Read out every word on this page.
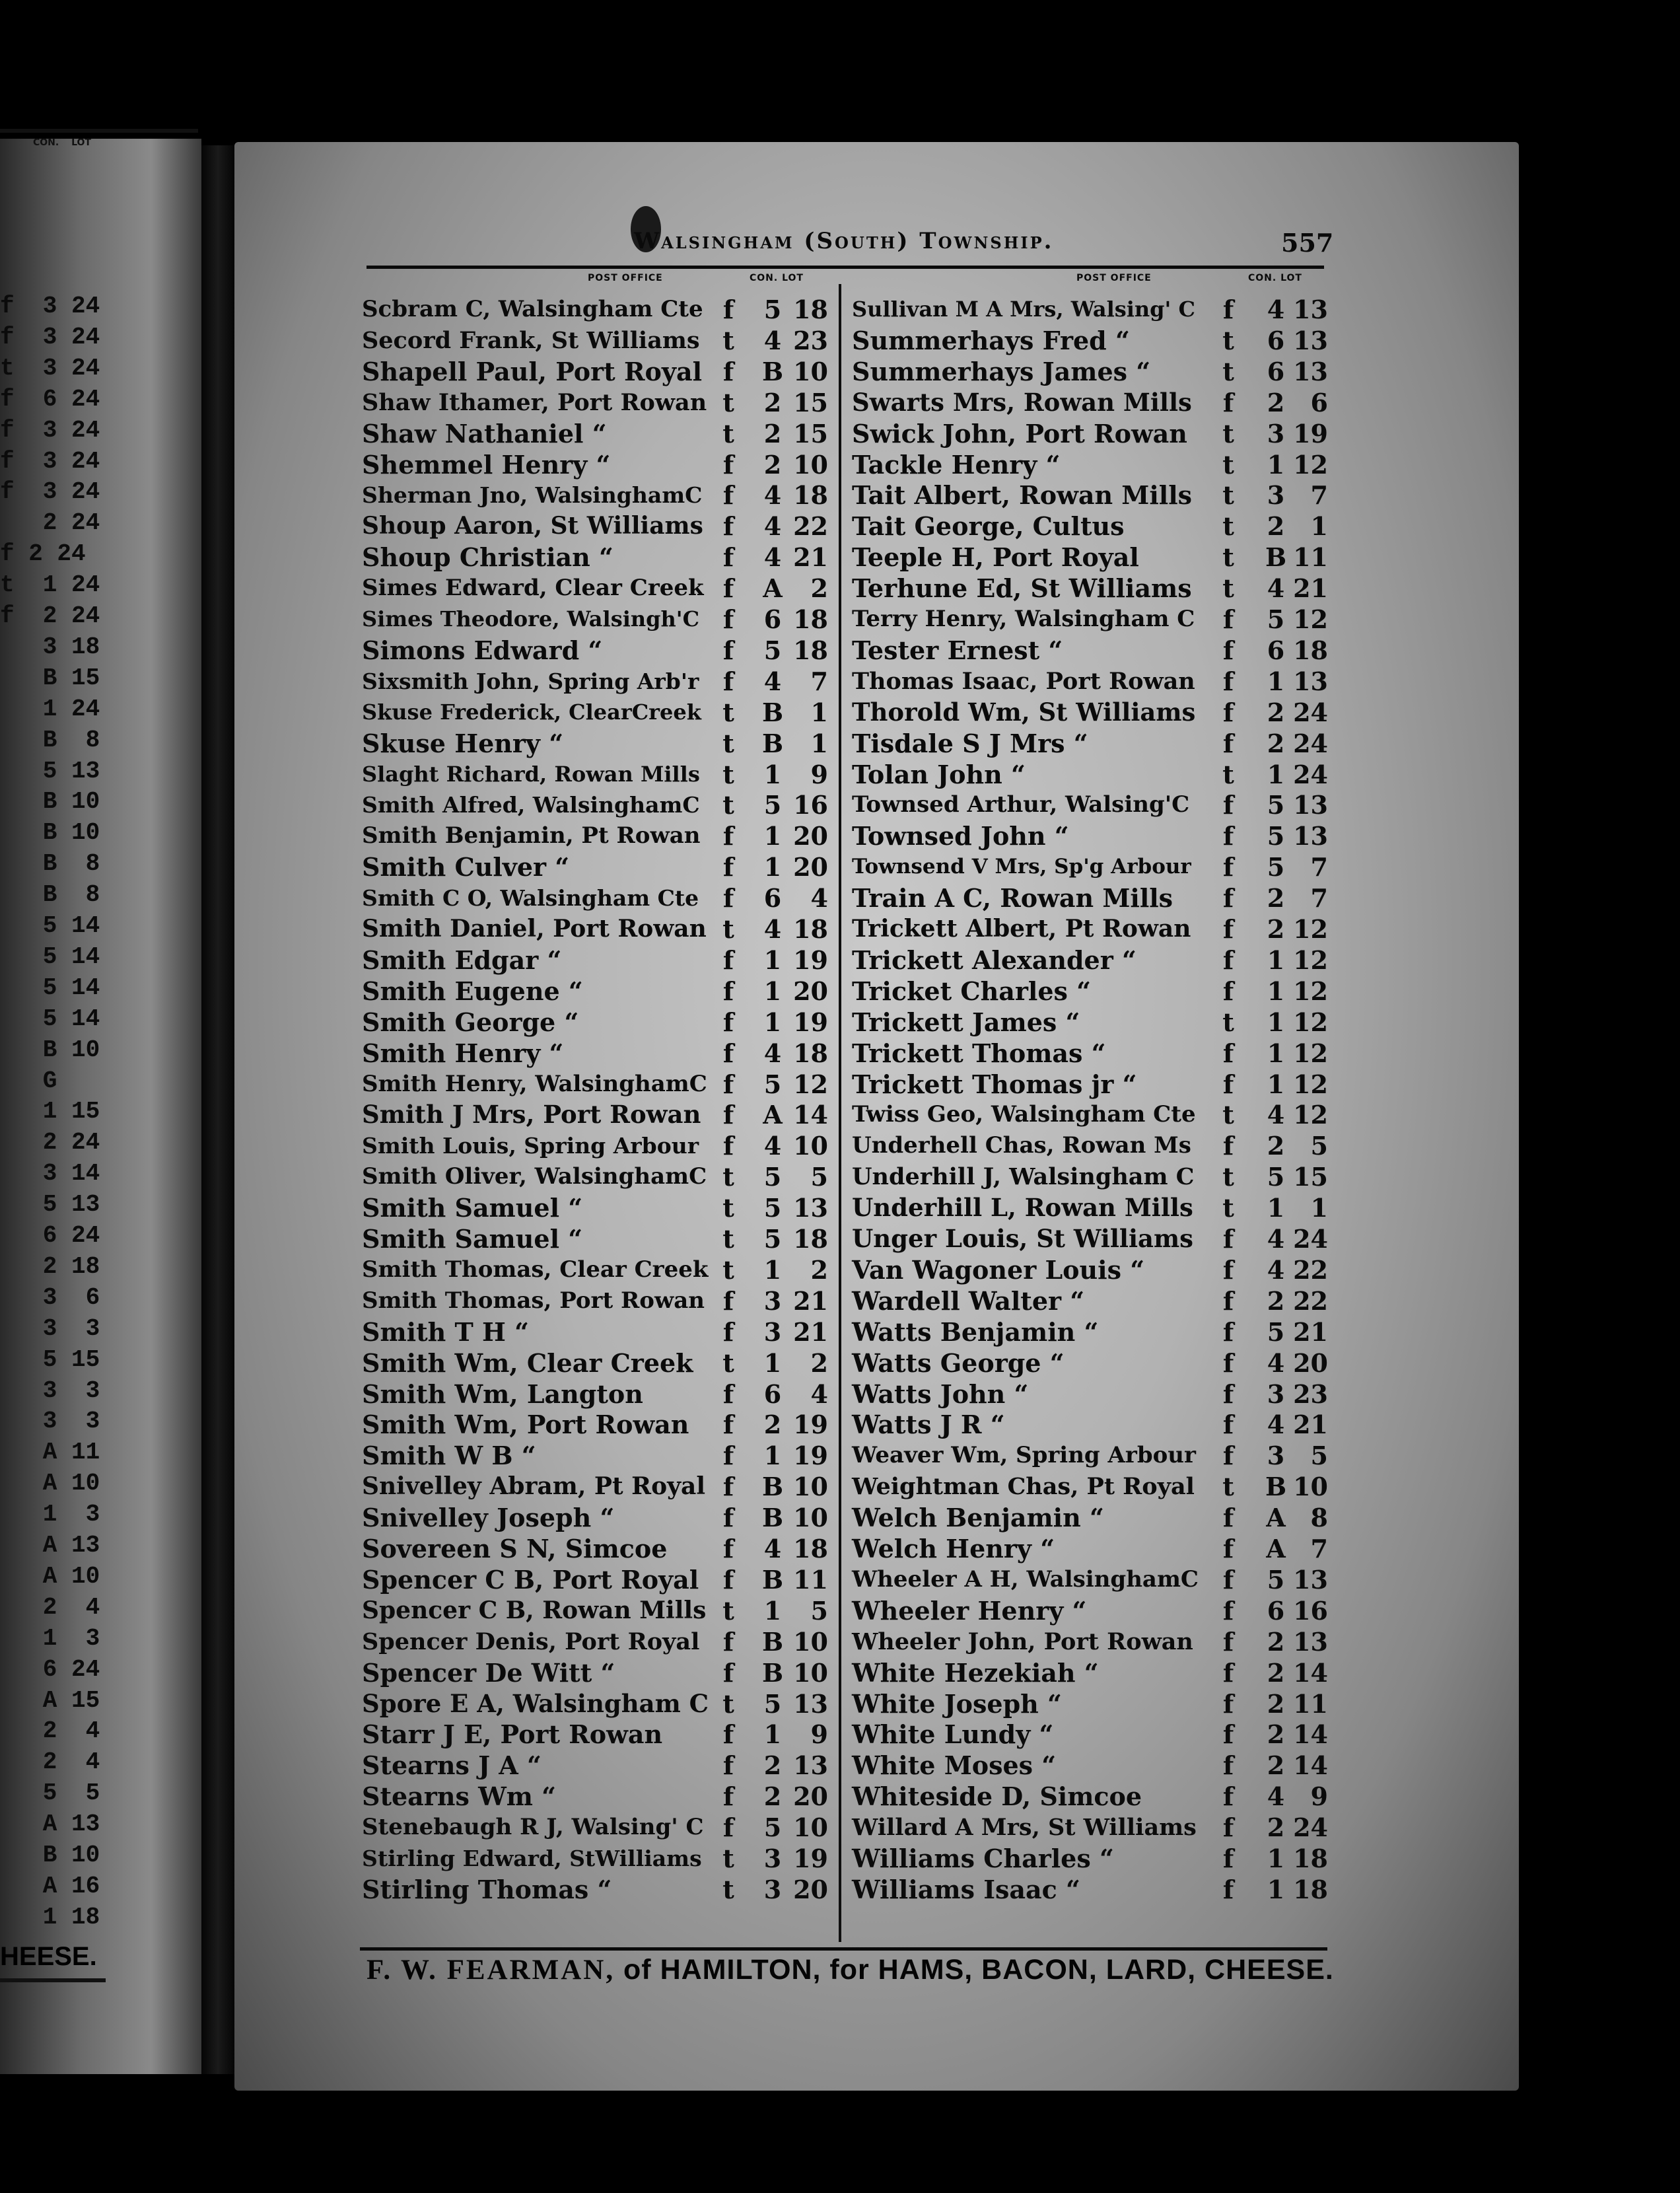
CON. LOT
f  3 24
f  3 24
t  3 24
f  6 24
f  3 24
f  3 24
f  3 24
2 24
f 2 24
t  1 24
f  2 24
3 18
B 15
1 24
B  8
5 13
B 10
B 10
B  8
B  8
5 14
5 14
5 14
5 14
B 10
G
1 15
2 24
3 14
5 13
6 24
2 18
3  6
3  3
5 15
3  3
3  3
A 11
A 10
1  3
A 13
A 10
2  4
1  3
6 24
A 15
2  4
2  4
5  5
A 13
B 10
A 16
1 18
HEESE.
Walsingham (South) Township.	557
POST OFFICE	CON. LOT	POST OFFICE	CON. LOT
Scbram C, Walsingham Cte f 5 18
Secord Frank, St Williams t 4 23
Shapell Paul, Port Royal f B 10
Shaw Ithamer, Port Rowan t 2 15
Shaw Nathaniel “	t 2 15
Shemmel Henry “	f 2 10
Sherman Jno, WalsinghamC f 4 18
Shoup Aaron, St Williams f 4 22
Shoup Christian “	f 4 21
Simes Edward, Clear Creek f A	2
Simes Theodore, Walsingh'C f 6 18
Simons Edward “	f 5 18
Sixsmith John, Spring Arb'r f 4	7
Skuse Frederick, ClearCreek t B	1
Skuse Henry “	t B	1
Slaght Richard, Rowan Mills t 1	9
Smith Alfred, WalsinghamC t 5 16
Smith Benjamin, Pt Rowan f 1 20
Smith Culver “	f 1 20
Smith C O, Walsingham Cte f 6	4
Smith Daniel, Port Rowan t 4 18
Smith Edgar “	f 1 19
Smith Eugene “	f 1 20
Smith George “	f 1 19
Smith Henry “	f 4 18
Smith Henry, WalsinghamC f 5 12
Smith J Mrs, Port Rowan f A 14
Smith Louis, Spring Arbour f 4 10
Smith Oliver, WalsinghamC t 5	5
Smith Samuel “	t 5 13
Smith Samuel “	t 5 18
Smith Thomas, Clear Creek t 1	2
Smith Thomas, Port Rowan f 3 21
Smith T H “	f 3 21
Smith Wm, Clear Creek t 1	2
Smith Wm, Langton	f 6	4
Smith Wm, Port Rowan f 2 19
Smith W B “	f 1 19
Snivelley Abram, Pt Royal f B 10
Snivelley Joseph “	f B 10
Sovereen S N, Simcoe f 4 18
Spencer C B, Port Royal f B 11
Spencer C B, Rowan Mills t 1	5
Spencer Denis, Port Royal f B 10
Spencer De Witt “	f B 10
Spore E A, Walsingham C t 5 13
Starr J E, Port Rowan f 1	9
Stearns J A “	f 2 13
Stearns Wm “	f 2 20
Stenebaugh R J, Walsing' C f 5 10
Stirling Edward, StWilliams t 3 19
Stirling Thomas “	t 3 20
Sullivan M A Mrs, Walsing' C f 4 13
Summerhays Fred “	t 6 13
Summerhays James “	t 6 13
Swarts Mrs, Rowan Mills f 2	6
Swick John, Port Rowan t 3 19
Tackle Henry “	t 1 12
Tait Albert, Rowan Mills t 3	7
Tait George, Cultus	t 2	1
Teeple H, Port Royal	t B 11
Terhune Ed, St Williams t 4 21
Terry Henry, Walsingham C f 5 12
Tester Ernest “	f 6 18
Thomas Isaac, Port Rowan f 1 13
Thorold Wm, St Williams f 2 24
Tisdale S J Mrs “	f 2 24
Tolan John “	t 1 24
Townsed Arthur, Walsing'C f 5 13
Townsed John “	f 5 13
Townsend V Mrs, Sp'g Arbour f 5	7
Train A C, Rowan Mills f 2	7
Trickett Albert, Pt Rowan f 2 12
Trickett Alexander “	f 1 12
Tricket Charles “	f 1 12
Trickett James “	t 1 12
Trickett Thomas “	f 1 12
Trickett Thomas jr “	f 1 12
Twiss Geo, Walsingham Cte t 4 12
Underhell Chas, Rowan Ms f 2	5
Underhill J, Walsingham C t 5 15
Underhill L, Rowan Mills t 1	1
Unger Louis, St Williams f 4 24
Van Wagoner Louis “	f 4 22
Wardell Walter “	f 2 22
Watts Benjamin “	f 5 21
Watts George “	f 4 20
Watts John “	f 3 23
Watts J R “	f 4 21
Weaver Wm, Spring Arbour f 3	5
Weightman Chas, Pt Royal t B 10
Welch Benjamin “	f A 8
Welch Henry “	f A 7
Wheeler A H, WalsinghamC f 5 13
Wheeler Henry “	f 6 16
Wheeler John, Port Rowan f 2 13
White Hezekiah “	f 2 14
White Joseph “	f 2 11
White Lundy “	f 2 14
White Moses “	f 2 14
Whiteside D, Simcoe	f 4	9
Willard A Mrs, St Williams f 2 24
Williams Charles “	f 1 18
Williams Isaac “	f 1 18
F. W. FEARMAN, of HAMILTON, for HAMS, BACON, LARD, CHEESE.
